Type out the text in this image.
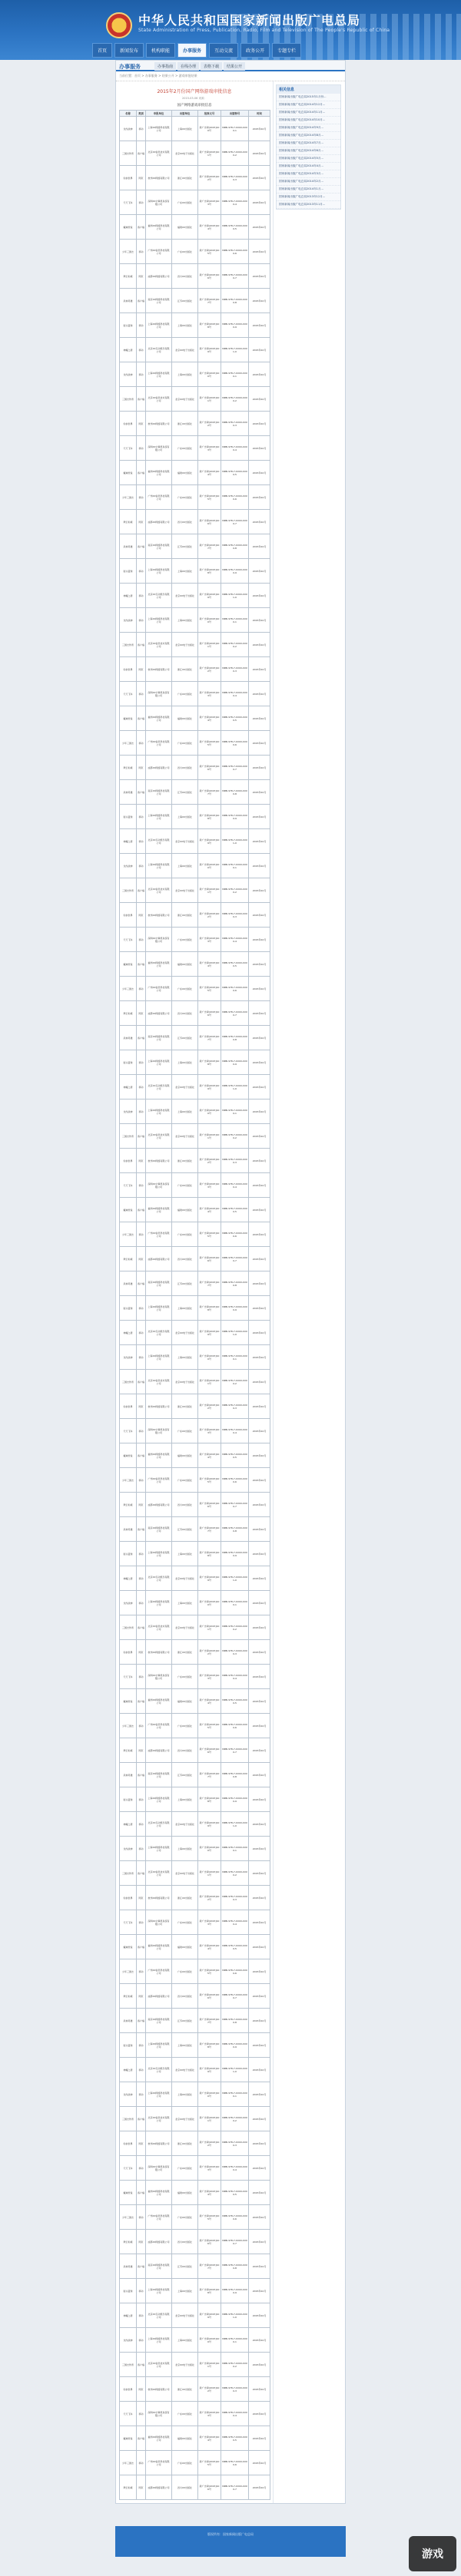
中华人民共和国国家新闻出版广电总局
State Administration of Press, Publication, Radio, Film and Television of The People's Republic of China
首页	新闻发布	机构职能	办事服务	互动交流	政务公开	专题专栏
办事服务	办事指南	在线办理	表格下载	结果公开
当前位置：首页 > 办事服务 > 结果公开 > 游戏审批结果
2015年2月份国产网络游戏审批信息
2015-03-06 来源：
国产网络游戏审批信息
名称	类别	申报单位	出版单位	批准文号	出版物号	时间
龙纹战神	移动	上海XX网络科技有限公司	上海XX出版社	新广出审[2015]100号	ISBN 978-7-XXXX-XXXX-1	2015年02月
三国志传奇	客户端	北京XX信息技术有限公司	北京XX电子出版社	新广出审[2015]101号	ISBN 978-7-XXXX-XXXX-2	2015年02月
仙侠世界	网页	杭州XX网络有限公司	浙江XX出版社	新广出审[2015]102号	ISBN 978-7-XXXX-XXXX-3	2015年02月
天天飞车	移动	深圳XX计算机系统有限公司	广东XX出版社	新广出审[2015]103号	ISBN 978-7-XXXX-XXXX-4	2015年02月
魔域传说	客户端	福州XX网络科技有限公司	福建XX出版社	新广出审[2015]104号	ISBN 978-7-XXXX-XXXX-5	2015年02月
少年三国志	移动	广州XX信息科技有限公司	广东XX出版社	新广出审[2015]105号	ISBN 978-7-XXXX-XXXX-6	2015年02月
梦幻仙境	网页	成都XX网络有限公司	四川XX出版社	新广出审[2015]106号	ISBN 978-7-XXXX-XXXX-7	2015年02月
武林英雄	客户端	南京XX网络科技有限公司	江苏XX出版社	新广出审[2015]107号	ISBN 978-7-XXXX-XXXX-8	2015年02月
街头篮球	移动	上海XX网络科技有限公司	上海XX出版社	新广出审[2015]108号	ISBN 978-7-XXXX-XXXX-9	2015年02月
神魔之塔	移动	北京XX互动娱乐有限公司	北京XX电子出版社	新广出审[2015]109号	ISBN 978-7-XXXX-XXX1-0	2015年02月
龙纹战神	移动	上海XX网络科技有限公司	上海XX出版社	新广出审[2015]100号	ISBN 978-7-XXXX-XXXX-1	2015年02月
三国志传奇	客户端	北京XX信息技术有限公司	北京XX电子出版社	新广出审[2015]101号	ISBN 978-7-XXXX-XXXX-2	2015年02月
仙侠世界	网页	杭州XX网络有限公司	浙江XX出版社	新广出审[2015]102号	ISBN 978-7-XXXX-XXXX-3	2015年02月
天天飞车	移动	深圳XX计算机系统有限公司	广东XX出版社	新广出审[2015]103号	ISBN 978-7-XXXX-XXXX-4	2015年02月
魔域传说	客户端	福州XX网络科技有限公司	福建XX出版社	新广出审[2015]104号	ISBN 978-7-XXXX-XXXX-5	2015年02月
少年三国志	移动	广州XX信息科技有限公司	广东XX出版社	新广出审[2015]105号	ISBN 978-7-XXXX-XXXX-6	2015年02月
梦幻仙境	网页	成都XX网络有限公司	四川XX出版社	新广出审[2015]106号	ISBN 978-7-XXXX-XXXX-7	2015年02月
武林英雄	客户端	南京XX网络科技有限公司	江苏XX出版社	新广出审[2015]107号	ISBN 978-7-XXXX-XXXX-8	2015年02月
街头篮球	移动	上海XX网络科技有限公司	上海XX出版社	新广出审[2015]108号	ISBN 978-7-XXXX-XXXX-9	2015年02月
神魔之塔	移动	北京XX互动娱乐有限公司	北京XX电子出版社	新广出审[2015]109号	ISBN 978-7-XXXX-XXX1-0	2015年02月
龙纹战神	移动	上海XX网络科技有限公司	上海XX出版社	新广出审[2015]100号	ISBN 978-7-XXXX-XXXX-1	2015年02月
三国志传奇	客户端	北京XX信息技术有限公司	北京XX电子出版社	新广出审[2015]101号	ISBN 978-7-XXXX-XXXX-2	2015年02月
仙侠世界	网页	杭州XX网络有限公司	浙江XX出版社	新广出审[2015]102号	ISBN 978-7-XXXX-XXXX-3	2015年02月
天天飞车	移动	深圳XX计算机系统有限公司	广东XX出版社	新广出审[2015]103号	ISBN 978-7-XXXX-XXXX-4	2015年02月
魔域传说	客户端	福州XX网络科技有限公司	福建XX出版社	新广出审[2015]104号	ISBN 978-7-XXXX-XXXX-5	2015年02月
少年三国志	移动	广州XX信息科技有限公司	广东XX出版社	新广出审[2015]105号	ISBN 978-7-XXXX-XXXX-6	2015年02月
梦幻仙境	网页	成都XX网络有限公司	四川XX出版社	新广出审[2015]106号	ISBN 978-7-XXXX-XXXX-7	2015年02月
武林英雄	客户端	南京XX网络科技有限公司	江苏XX出版社	新广出审[2015]107号	ISBN 978-7-XXXX-XXXX-8	2015年02月
街头篮球	移动	上海XX网络科技有限公司	上海XX出版社	新广出审[2015]108号	ISBN 978-7-XXXX-XXXX-9	2015年02月
神魔之塔	移动	北京XX互动娱乐有限公司	北京XX电子出版社	新广出审[2015]109号	ISBN 978-7-XXXX-XXX1-0	2015年02月
龙纹战神	移动	上海XX网络科技有限公司	上海XX出版社	新广出审[2015]100号	ISBN 978-7-XXXX-XXXX-1	2015年02月
三国志传奇	客户端	北京XX信息技术有限公司	北京XX电子出版社	新广出审[2015]101号	ISBN 978-7-XXXX-XXXX-2	2015年02月
仙侠世界	网页	杭州XX网络有限公司	浙江XX出版社	新广出审[2015]102号	ISBN 978-7-XXXX-XXXX-3	2015年02月
天天飞车	移动	深圳XX计算机系统有限公司	广东XX出版社	新广出审[2015]103号	ISBN 978-7-XXXX-XXXX-4	2015年02月
魔域传说	客户端	福州XX网络科技有限公司	福建XX出版社	新广出审[2015]104号	ISBN 978-7-XXXX-XXXX-5	2015年02月
少年三国志	移动	广州XX信息科技有限公司	广东XX出版社	新广出审[2015]105号	ISBN 978-7-XXXX-XXXX-6	2015年02月
梦幻仙境	网页	成都XX网络有限公司	四川XX出版社	新广出审[2015]106号	ISBN 978-7-XXXX-XXXX-7	2015年02月
武林英雄	客户端	南京XX网络科技有限公司	江苏XX出版社	新广出审[2015]107号	ISBN 978-7-XXXX-XXXX-8	2015年02月
街头篮球	移动	上海XX网络科技有限公司	上海XX出版社	新广出审[2015]108号	ISBN 978-7-XXXX-XXXX-9	2015年02月
神魔之塔	移动	北京XX互动娱乐有限公司	北京XX电子出版社	新广出审[2015]109号	ISBN 978-7-XXXX-XXX1-0	2015年02月
龙纹战神	移动	上海XX网络科技有限公司	上海XX出版社	新广出审[2015]100号	ISBN 978-7-XXXX-XXXX-1	2015年02月
三国志传奇	客户端	北京XX信息技术有限公司	北京XX电子出版社	新广出审[2015]101号	ISBN 978-7-XXXX-XXXX-2	2015年02月
仙侠世界	网页	杭州XX网络有限公司	浙江XX出版社	新广出审[2015]102号	ISBN 978-7-XXXX-XXXX-3	2015年02月
天天飞车	移动	深圳XX计算机系统有限公司	广东XX出版社	新广出审[2015]103号	ISBN 978-7-XXXX-XXXX-4	2015年02月
魔域传说	客户端	福州XX网络科技有限公司	福建XX出版社	新广出审[2015]104号	ISBN 978-7-XXXX-XXXX-5	2015年02月
少年三国志	移动	广州XX信息科技有限公司	广东XX出版社	新广出审[2015]105号	ISBN 978-7-XXXX-XXXX-6	2015年02月
梦幻仙境	网页	成都XX网络有限公司	四川XX出版社	新广出审[2015]106号	ISBN 978-7-XXXX-XXXX-7	2015年02月
武林英雄	客户端	南京XX网络科技有限公司	江苏XX出版社	新广出审[2015]107号	ISBN 978-7-XXXX-XXXX-8	2015年02月
街头篮球	移动	上海XX网络科技有限公司	上海XX出版社	新广出审[2015]108号	ISBN 978-7-XXXX-XXXX-9	2015年02月
神魔之塔	移动	北京XX互动娱乐有限公司	北京XX电子出版社	新广出审[2015]109号	ISBN 978-7-XXXX-XXX1-0	2015年02月
龙纹战神	移动	上海XX网络科技有限公司	上海XX出版社	新广出审[2015]100号	ISBN 978-7-XXXX-XXXX-1	2015年02月
三国志传奇	客户端	北京XX信息技术有限公司	北京XX电子出版社	新广出审[2015]101号	ISBN 978-7-XXXX-XXXX-2	2015年02月
仙侠世界	网页	杭州XX网络有限公司	浙江XX出版社	新广出审[2015]102号	ISBN 978-7-XXXX-XXXX-3	2015年02月
天天飞车	移动	深圳XX计算机系统有限公司	广东XX出版社	新广出审[2015]103号	ISBN 978-7-XXXX-XXXX-4	2015年02月
魔域传说	客户端	福州XX网络科技有限公司	福建XX出版社	新广出审[2015]104号	ISBN 978-7-XXXX-XXXX-5	2015年02月
少年三国志	移动	广州XX信息科技有限公司	广东XX出版社	新广出审[2015]105号	ISBN 978-7-XXXX-XXXX-6	2015年02月
梦幻仙境	网页	成都XX网络有限公司	四川XX出版社	新广出审[2015]106号	ISBN 978-7-XXXX-XXXX-7	2015年02月
武林英雄	客户端	南京XX网络科技有限公司	江苏XX出版社	新广出审[2015]107号	ISBN 978-7-XXXX-XXXX-8	2015年02月
街头篮球	移动	上海XX网络科技有限公司	上海XX出版社	新广出审[2015]108号	ISBN 978-7-XXXX-XXXX-9	2015年02月
神魔之塔	移动	北京XX互动娱乐有限公司	北京XX电子出版社	新广出审[2015]109号	ISBN 978-7-XXXX-XXX1-0	2015年02月
龙纹战神	移动	上海XX网络科技有限公司	上海XX出版社	新广出审[2015]100号	ISBN 978-7-XXXX-XXXX-1	2015年02月
三国志传奇	客户端	北京XX信息技术有限公司	北京XX电子出版社	新广出审[2015]101号	ISBN 978-7-XXXX-XXXX-2	2015年02月
仙侠世界	网页	杭州XX网络有限公司	浙江XX出版社	新广出审[2015]102号	ISBN 978-7-XXXX-XXXX-3	2015年02月
天天飞车	移动	深圳XX计算机系统有限公司	广东XX出版社	新广出审[2015]103号	ISBN 978-7-XXXX-XXXX-4	2015年02月
魔域传说	客户端	福州XX网络科技有限公司	福建XX出版社	新广出审[2015]104号	ISBN 978-7-XXXX-XXXX-5	2015年02月
少年三国志	移动	广州XX信息科技有限公司	广东XX出版社	新广出审[2015]105号	ISBN 978-7-XXXX-XXXX-6	2015年02月
梦幻仙境	网页	成都XX网络有限公司	四川XX出版社	新广出审[2015]106号	ISBN 978-7-XXXX-XXXX-7	2015年02月
武林英雄	客户端	南京XX网络科技有限公司	江苏XX出版社	新广出审[2015]107号	ISBN 978-7-XXXX-XXXX-8	2015年02月
街头篮球	移动	上海XX网络科技有限公司	上海XX出版社	新广出审[2015]108号	ISBN 978-7-XXXX-XXXX-9	2015年02月
神魔之塔	移动	北京XX互动娱乐有限公司	北京XX电子出版社	新广出审[2015]109号	ISBN 978-7-XXXX-XXX1-0	2015年02月
龙纹战神	移动	上海XX网络科技有限公司	上海XX出版社	新广出审[2015]100号	ISBN 978-7-XXXX-XXXX-1	2015年02月
三国志传奇	客户端	北京XX信息技术有限公司	北京XX电子出版社	新广出审[2015]101号	ISBN 978-7-XXXX-XXXX-2	2015年02月
仙侠世界	网页	杭州XX网络有限公司	浙江XX出版社	新广出审[2015]102号	ISBN 978-7-XXXX-XXXX-3	2015年02月
天天飞车	移动	深圳XX计算机系统有限公司	广东XX出版社	新广出审[2015]103号	ISBN 978-7-XXXX-XXXX-4	2015年02月
魔域传说	客户端	福州XX网络科技有限公司	福建XX出版社	新广出审[2015]104号	ISBN 978-7-XXXX-XXXX-5	2015年02月
少年三国志	移动	广州XX信息科技有限公司	广东XX出版社	新广出审[2015]105号	ISBN 978-7-XXXX-XXXX-6	2015年02月
梦幻仙境	网页	成都XX网络有限公司	四川XX出版社	新广出审[2015]106号	ISBN 978-7-XXXX-XXXX-7	2015年02月
武林英雄	客户端	南京XX网络科技有限公司	江苏XX出版社	新广出审[2015]107号	ISBN 978-7-XXXX-XXXX-8	2015年02月
街头篮球	移动	上海XX网络科技有限公司	上海XX出版社	新广出审[2015]108号	ISBN 978-7-XXXX-XXXX-9	2015年02月
神魔之塔	移动	北京XX互动娱乐有限公司	北京XX电子出版社	新广出审[2015]109号	ISBN 978-7-XXXX-XXX1-0	2015年02月
龙纹战神	移动	上海XX网络科技有限公司	上海XX出版社	新广出审[2015]100号	ISBN 978-7-XXXX-XXXX-1	2015年02月
三国志传奇	客户端	北京XX信息技术有限公司	北京XX电子出版社	新广出审[2015]101号	ISBN 978-7-XXXX-XXXX-2	2015年02月
仙侠世界	网页	杭州XX网络有限公司	浙江XX出版社	新广出审[2015]102号	ISBN 978-7-XXXX-XXXX-3	2015年02月
天天飞车	移动	深圳XX计算机系统有限公司	广东XX出版社	新广出审[2015]103号	ISBN 978-7-XXXX-XXXX-4	2015年02月
魔域传说	客户端	福州XX网络科技有限公司	福建XX出版社	新广出审[2015]104号	ISBN 978-7-XXXX-XXXX-5	2015年02月
少年三国志	移动	广州XX信息科技有限公司	广东XX出版社	新广出审[2015]105号	ISBN 978-7-XXXX-XXXX-6	2015年02月
梦幻仙境	网页	成都XX网络有限公司	四川XX出版社	新广出审[2015]106号	ISBN 978-7-XXXX-XXXX-7	2015年02月
武林英雄	客户端	南京XX网络科技有限公司	江苏XX出版社	新广出审[2015]107号	ISBN 978-7-XXXX-XXXX-8	2015年02月
街头篮球	移动	上海XX网络科技有限公司	上海XX出版社	新广出审[2015]108号	ISBN 978-7-XXXX-XXXX-9	2015年02月
神魔之塔	移动	北京XX互动娱乐有限公司	北京XX电子出版社	新广出审[2015]109号	ISBN 978-7-XXXX-XXX1-0	2015年02月
龙纹战神	移动	上海XX网络科技有限公司	上海XX出版社	新广出审[2015]100号	ISBN 978-7-XXXX-XXXX-1	2015年02月
三国志传奇	客户端	北京XX信息技术有限公司	北京XX电子出版社	新广出审[2015]101号	ISBN 978-7-XXXX-XXXX-2	2015年02月
仙侠世界	网页	杭州XX网络有限公司	浙江XX出版社	新广出审[2015]102号	ISBN 978-7-XXXX-XXXX-3	2015年02月
天天飞车	移动	深圳XX计算机系统有限公司	广东XX出版社	新广出审[2015]103号	ISBN 978-7-XXXX-XXXX-4	2015年02月
魔域传说	客户端	福州XX网络科技有限公司	福建XX出版社	新广出审[2015]104号	ISBN 978-7-XXXX-XXXX-5	2015年02月
少年三国志	移动	广州XX信息科技有限公司	广东XX出版社	新广出审[2015]105号	ISBN 978-7-XXXX-XXXX-6	2015年02月
梦幻仙境	网页	成都XX网络有限公司	四川XX出版社	新广出审[2015]106号	ISBN 978-7-XXXX-XXXX-7	2015年02月
相关信息
国家新闻出版广电总局2015年1月份...
国家新闻出版广电总局2014年12月...
国家新闻出版广电总局2014年11月...
国家新闻出版广电总局2014年10月...
国家新闻出版广电总局2014年9月...
国家新闻出版广电总局2014年8月...
国家新闻出版广电总局2014年7月...
国家新闻出版广电总局2014年6月...
国家新闻出版广电总局2014年5月...
国家新闻出版广电总局2014年4月...
国家新闻出版广电总局2014年3月...
国家新闻出版广电总局2014年2月...
国家新闻出版广电总局2014年1月...
国家新闻出版广电总局2013年12月...
国家新闻出版广电总局2013年11月...
版权所有：国家新闻出版广电总局
游戏
